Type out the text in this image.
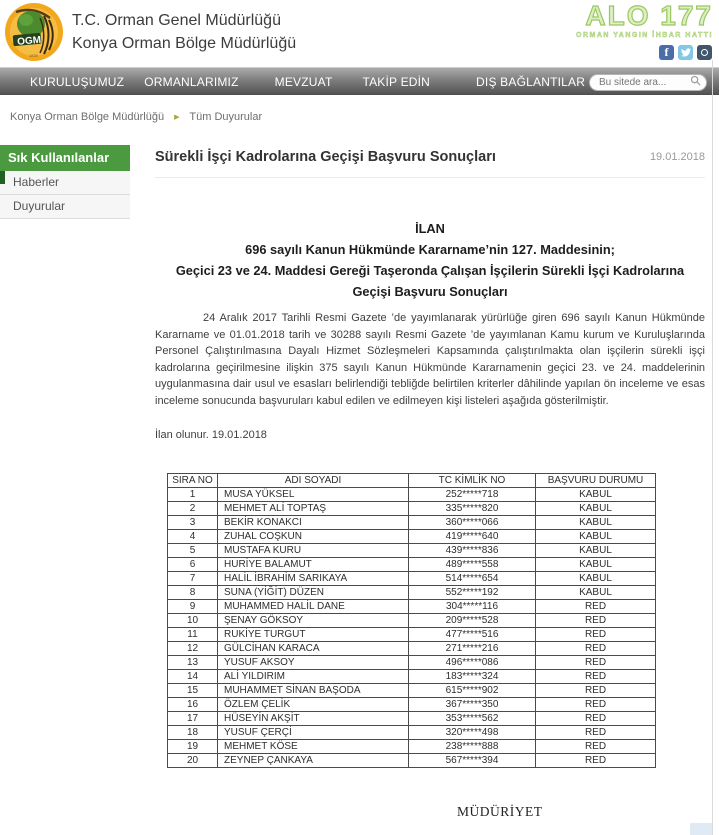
OGM
1839
T.C. Orman Genel Müdürlüğü
Konya Orman Bölge Müdürlüğü
ALO 177
ORMAN YANGIN İHBAR HATTI
f
KURULUŞUMUZ ORMANLARIMIZ	MEVZUAT	TAKİP EDİN	DIŞ BAĞLANTILAR
Bu sitede ara...
Konya Orman Bölge Müdürlüğü ▶ Tüm Duyurular
Sık Kullanılanlar
Haberler
Duyurular
Sürekli İşçi Kadrolarına Geçişi Başvuru Sonuçları	19.01.2018
İLAN
696 sayılı Kanun Hükmünde Kararname’nin 127. Maddesinin;
Geçici 23 ve 24. Maddesi Gereği Taşeronda Çalışan İşçilerin Sürekli İşçi Kadrolarına
Geçişi Başvuru Sonuçları

24 Aralık 2017 Tarihli Resmi Gazete ’de yayımlanarak yürürlüğe giren 696 sayılı Kanun Hükmünde Kararname ve 01.01.2018 tarih ve 30288 sayılı Resmi Gazete ’de yayımlanan Kamu kurum ve Kuruluşlarında Personel Çalıştırılmasına Dayalı Hizmet Sözleşmeleri Kapsamında çalıştırılmakta olan işçilerin sürekli işçi kadrolarına geçirilmesine ilişkin 375 sayılı Kanun Hükmünde Kararnamenin geçici 23. ve 24. maddelerinin uygulanmasına dair usul ve esasları belirlendiği tebliğde belirtilen kriterler dâhilinde yapılan ön inceleme ve esas inceleme sonucunda başvuruları kabul edilen ve edilmeyen kişi listeleri aşağıda gösterilmiştir.

İlan olunur. 19.01.2018

SIRA NO	ADI SOYADI	TC KİMLİK NO	BAŞVURU DURUMU
1	MUSA YÜKSEL	252*****718	KABUL
2	MEHMET ALİ TOPTAŞ	335*****820	KABUL
3	BEKİR KONAKCI	360*****066	KABUL
4	ZUHAL COŞKUN	419*****640	KABUL
5	MUSTAFA KURU	439*****836	KABUL
6	HURİYE BALAMUT	489*****558	KABUL
7	HALİL İBRAHİM SARIKAYA	514*****654	KABUL
8	SUNA (YİĞİT) DÜZEN	552*****192	KABUL
9	MUHAMMED HALİL DANE	304*****116	RED
10	ŞENAY GÖKSOY	209*****528	RED
11	RUKİYE TURGUT	477*****516	RED
12	GÜLCİHAN KARACA	271*****216	RED
13	YUSUF AKSOY	496*****086	RED
14	ALİ YILDIRIM	183*****324	RED
15	MUHAMMET SİNAN BAŞODA	615*****902	RED
16	ÖZLEM ÇELİK	367*****350	RED
17	HÜSEYİN AKŞİT	353*****562	RED
18	YUSUF ÇERÇİ	320*****498	RED
19	MEHMET KÖSE	238*****888	RED
20	ZEYNEP ÇANKAYA	567*****394	RED
MÜDÜRİYET
